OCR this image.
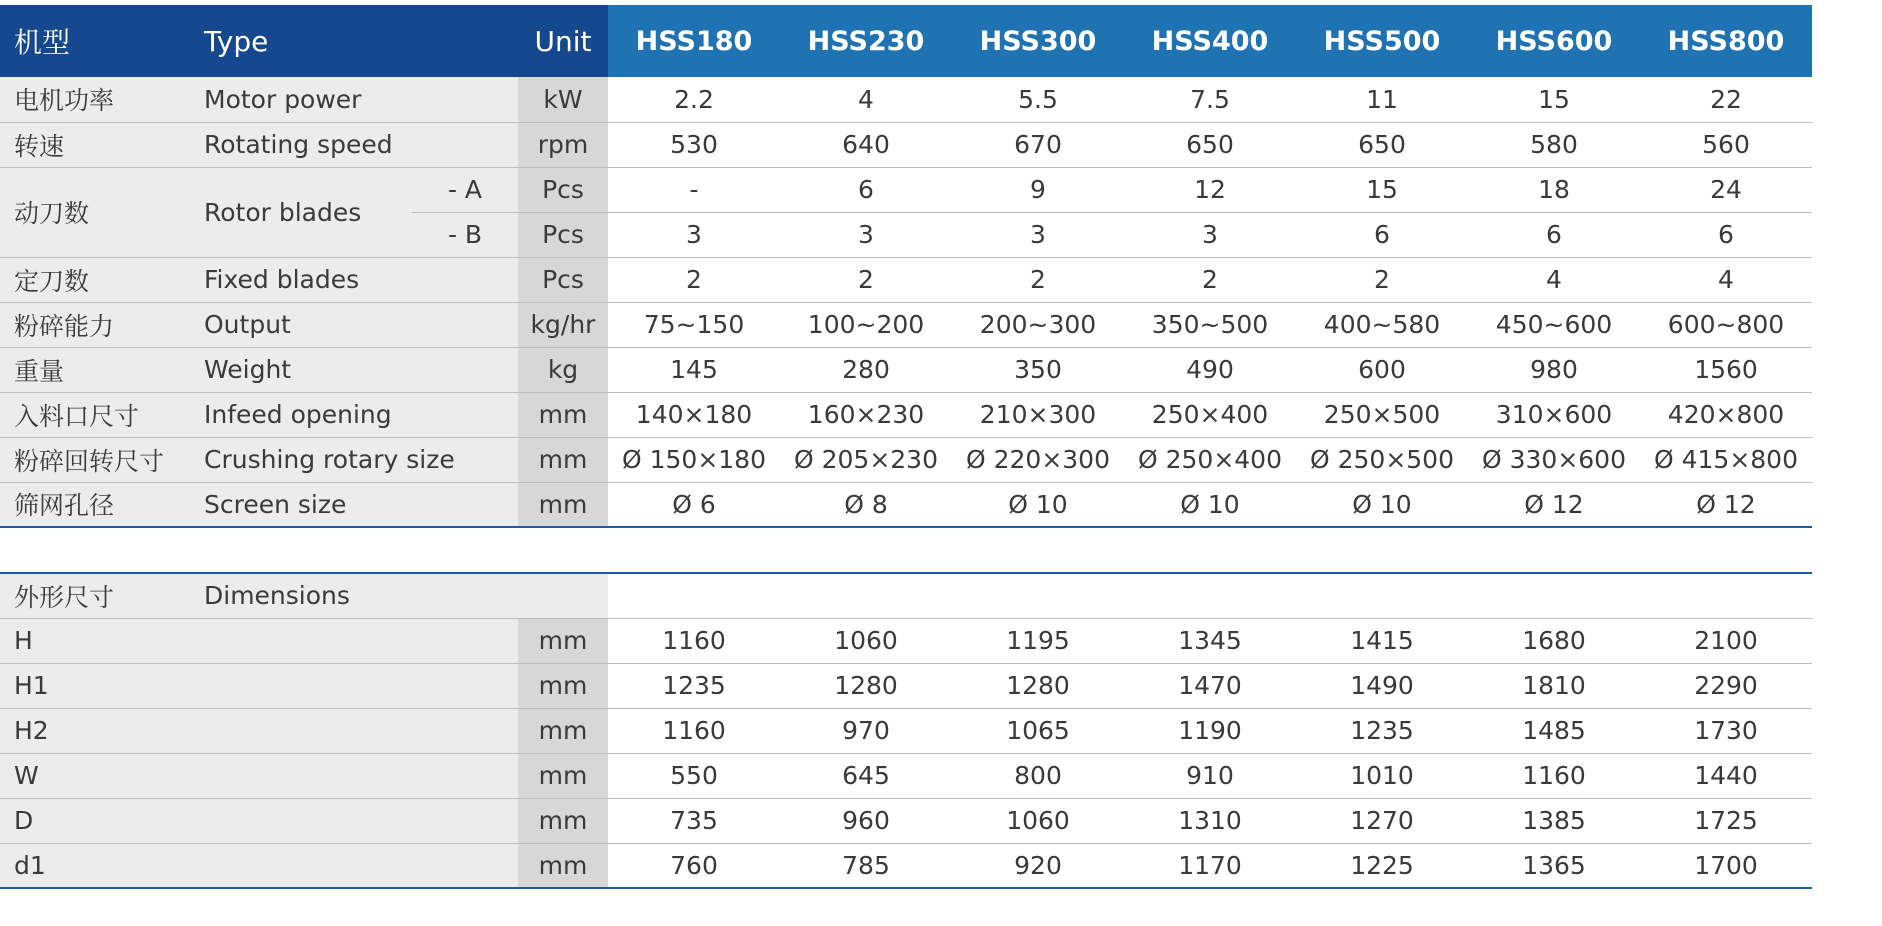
机型	Type		Unit	HSS180	HSS230	HSS300	HSS400	HSS500	HSS600	HSS800
电机功率	Motor power		kW	2.2	4	5.5	7.5	11	15	22
转速	Rotating speed		rpm	530	640	670	650	650	580	560
动刀数	Rotor blades	- A	Pcs	-	6	9	12	15	18	24
		- B	Pcs	3	3	3	3	6	6	6
定刀数	Fixed blades		Pcs	2	2	2	2	2	4	4
粉碎能力	Output		kg/hr	75~150	100~200	200~300	350~500	400~580	450~600	600~800
重量	Weight		kg	145	280	350	490	600	980	1560
入料口尺寸	Infeed opening		mm	140×180	160×230	210×300	250×400	250×500	310×600	420×800
粉碎回转尺寸	Crushing rotary size		mm	Ø 150×180	Ø 205×230	Ø 220×300	Ø 250×400	Ø 250×500	Ø 330×600	Ø 415×800
筛网孔径	Screen size		mm	Ø 6	Ø 8	Ø 10	Ø 10	Ø 10	Ø 12	Ø 12

外形尺寸	Dimensions									
H			mm	1160	1060	1195	1345	1415	1680	2100
H1			mm	1235	1280	1280	1470	1490	1810	2290
H2			mm	1160	970	1065	1190	1235	1485	1730
W			mm	550	645	800	910	1010	1160	1440
D			mm	735	960	1060	1310	1270	1385	1725
d1			mm	760	785	920	1170	1225	1365	1700
